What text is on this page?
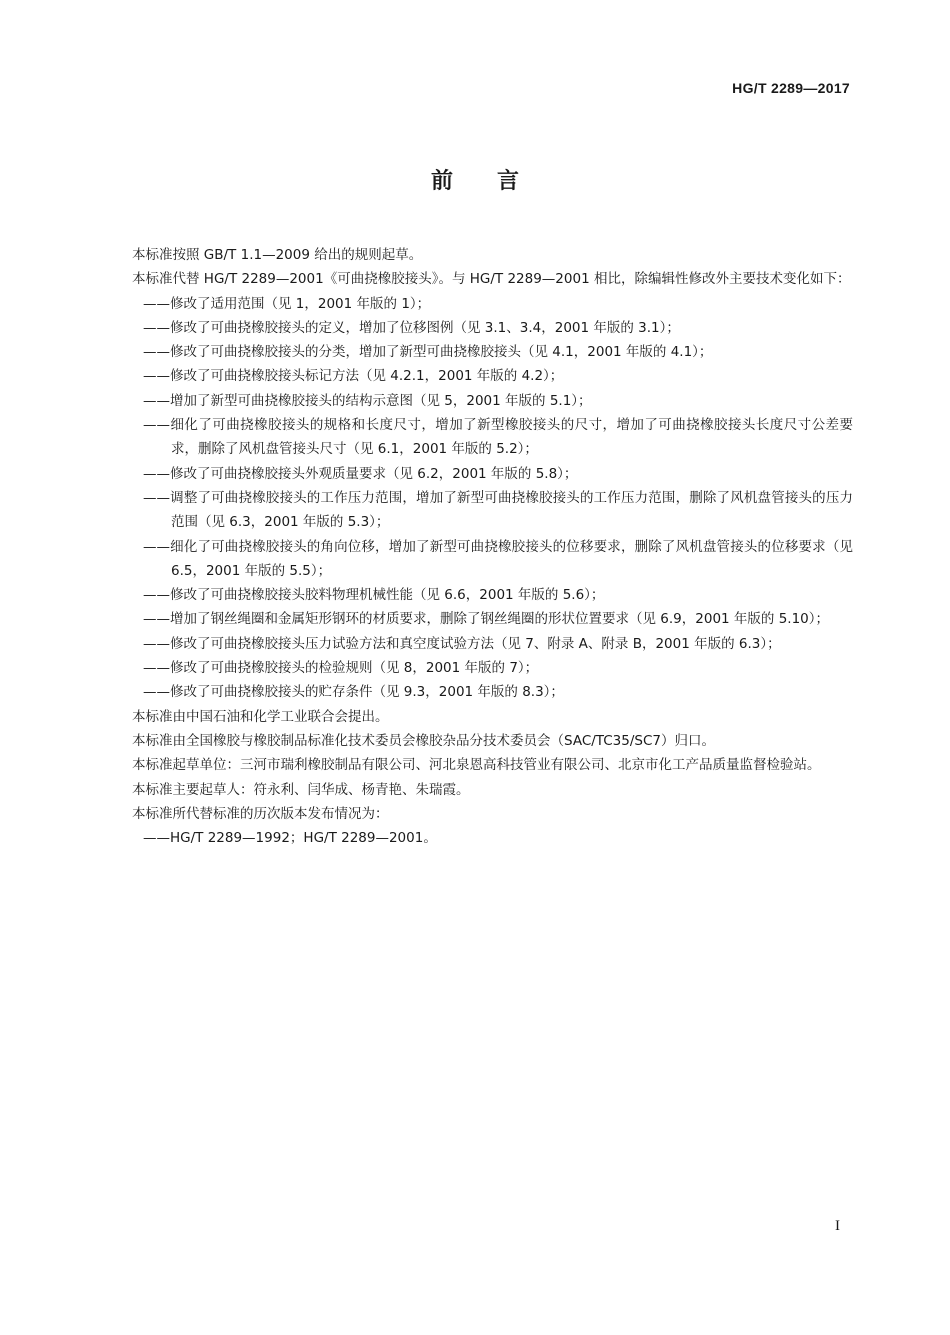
HG/T 2289—2017
前言

本标准按照 GB/T 1.1—2009 给出的规则起草。

本标准代替 HG/T 2289—2001《可曲挠橡胶接头》。与 HG/T 2289—2001 相比，除编辑性修改外主要技术变化如下：

——修改了适用范围（见 1，2001 年版的 1）；

——修改了可曲挠橡胶接头的定义，增加了位移图例（见 3.1、3.4，2001 年版的 3.1）；

——修改了可曲挠橡胶接头的分类，增加了新型可曲挠橡胶接头（见 4.1，2001 年版的 4.1）；

——修改了可曲挠橡胶接头标记方法（见 4.2.1，2001 年版的 4.2）；

——增加了新型可曲挠橡胶接头的结构示意图（见 5，2001 年版的 5.1）；

——细化了可曲挠橡胶接头的规格和长度尺寸，增加了新型橡胶接头的尺寸，增加了可曲挠橡胶接头长度尺寸公差要求，删除了风机盘管接头尺寸（见 6.1，2001 年版的 5.2）；

——修改了可曲挠橡胶接头外观质量要求（见 6.2，2001 年版的 5.8）；

——调整了可曲挠橡胶接头的工作压力范围，增加了新型可曲挠橡胶接头的工作压力范围，删除了风机盘管接头的压力范围（见 6.3，2001 年版的 5.3）；

——细化了可曲挠橡胶接头的角向位移，增加了新型可曲挠橡胶接头的位移要求，删除了风机盘管接头的位移要求（见 6.5，2001 年版的 5.5）；

——修改了可曲挠橡胶接头胶料物理机械性能（见 6.6，2001 年版的 5.6）；

——增加了钢丝绳圈和金属矩形钢环的材质要求，删除了钢丝绳圈的形状位置要求（见 6.9，2001 年版的 5.10）；

——修改了可曲挠橡胶接头压力试验方法和真空度试验方法（见 7、附录 A、附录 B，2001 年版的 6.3）；

——修改了可曲挠橡胶接头的检验规则（见 8，2001 年版的 7）；

——修改了可曲挠橡胶接头的贮存条件（见 9.3，2001 年版的 8.3）；

本标准由中国石油和化学工业联合会提出。

本标准由全国橡胶与橡胶制品标准化技术委员会橡胶杂品分技术委员会（SAC/TC35/SC7）归口。

本标准起草单位：三河市瑞利橡胶制品有限公司、河北泉恩高科技管业有限公司、北京市化工产品质量监督检验站。

本标准主要起草人：符永利、闫华成、杨青艳、朱瑞霞。

本标准所代替标准的历次版本发布情况为：

——HG/T 2289—1992；HG/T 2289—2001。

I
